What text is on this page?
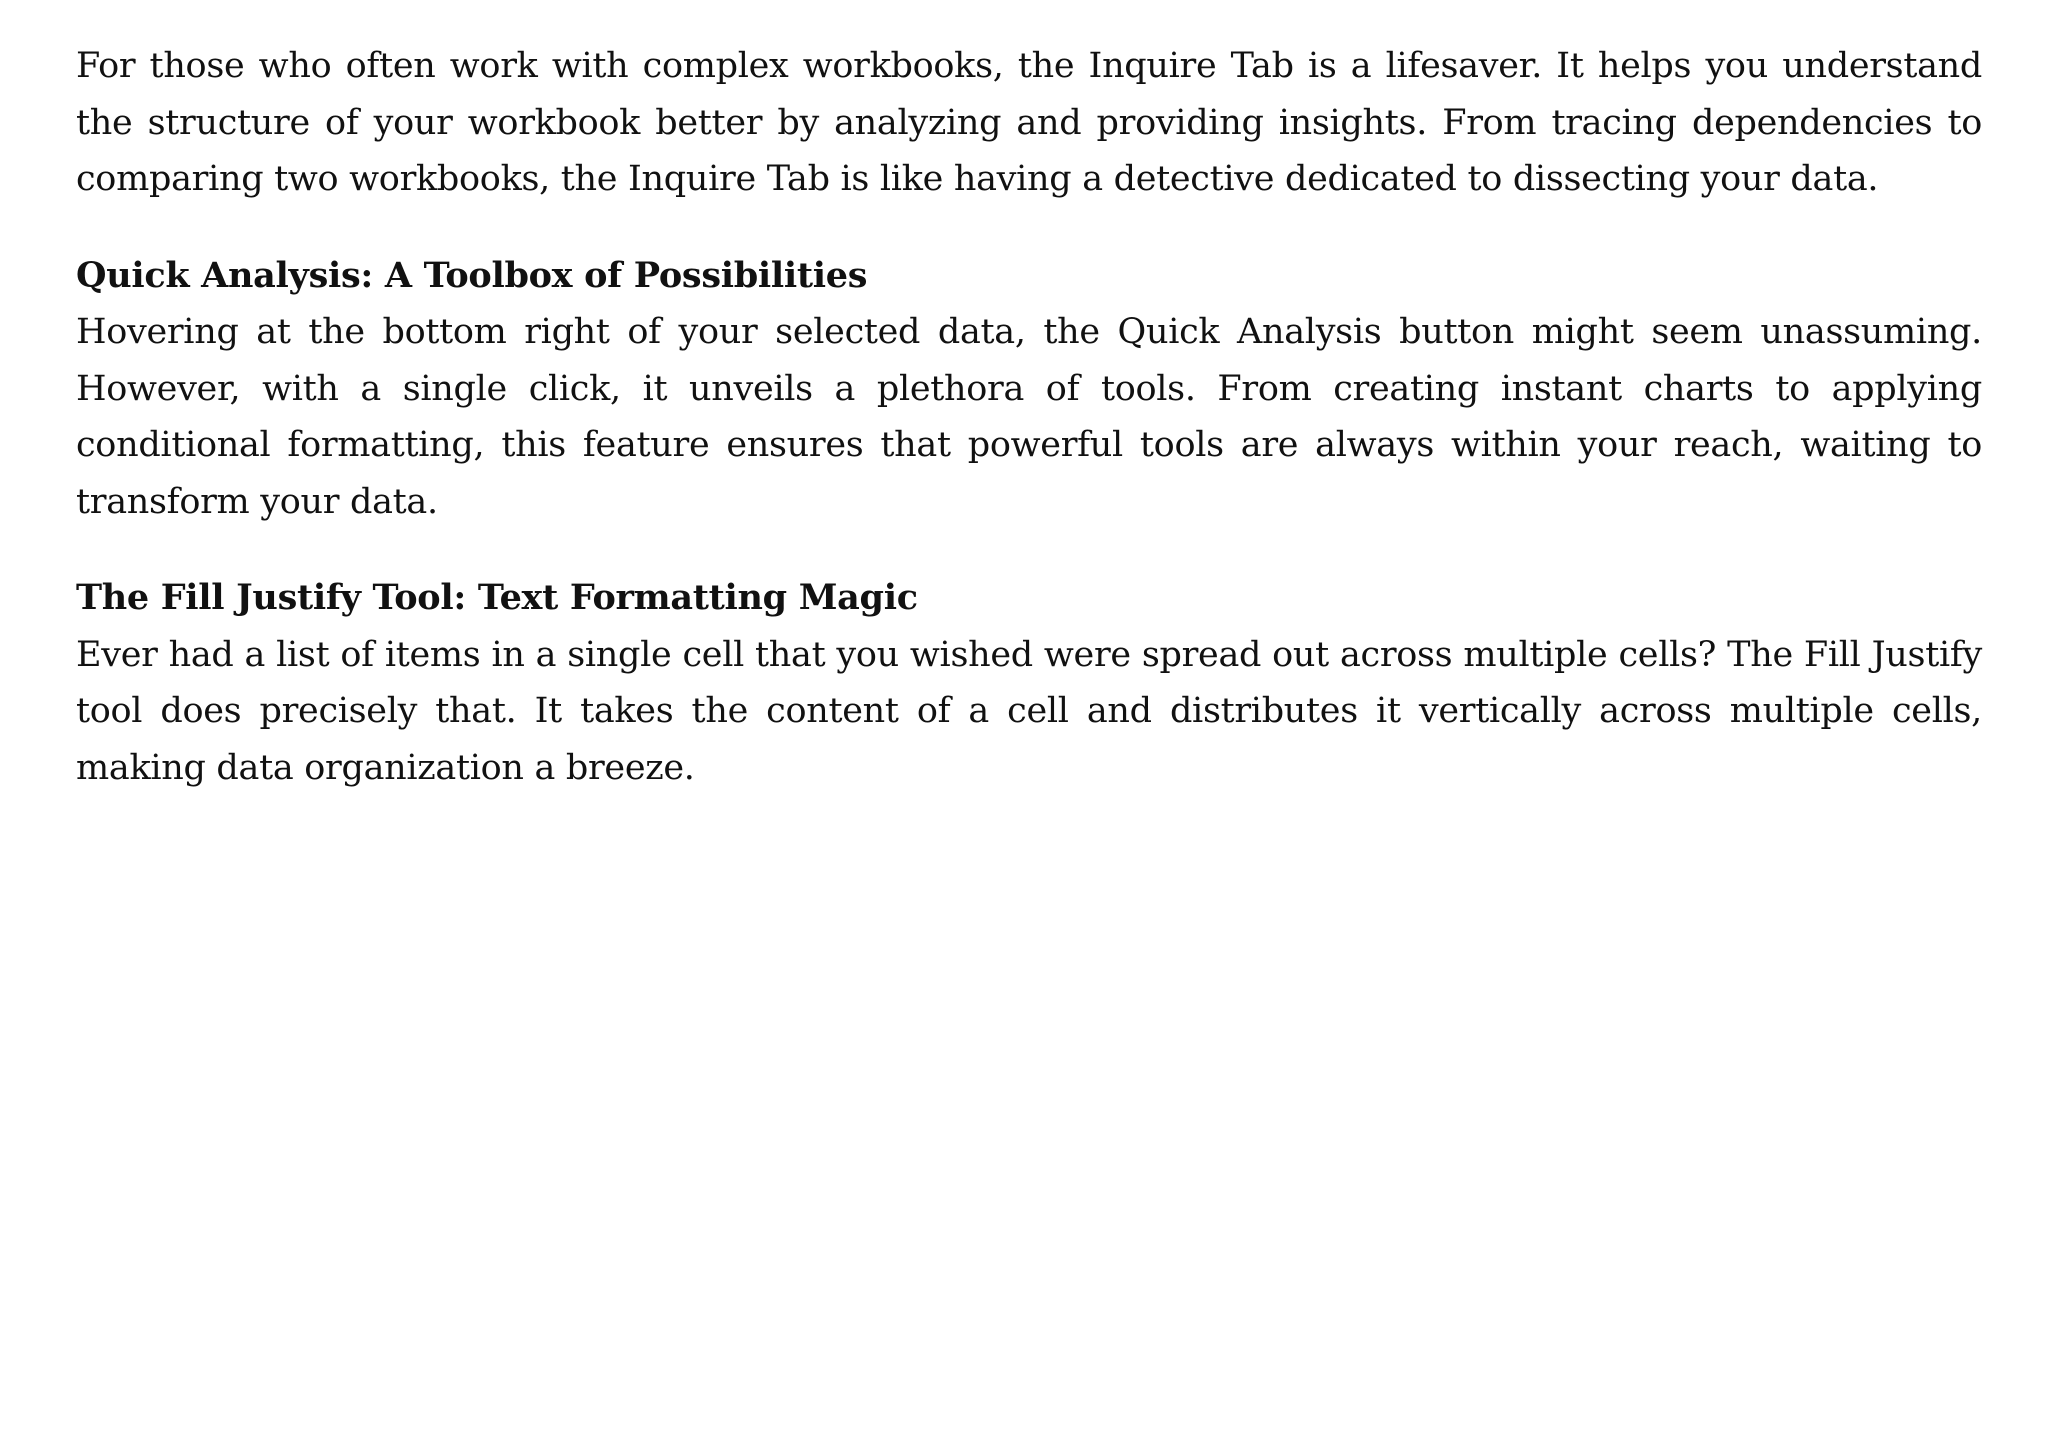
For those who often work with complex workbooks, the Inquire Tab is a lifesaver. It helps you understand the structure of your workbook better by analyzing and providing insights. From tracing dependencies to comparing two workbooks, the Inquire Tab is like having a detective dedicated to dissecting your data.

Quick Analysis: A Toolbox of Possibilities

Hovering at the bottom right of your selected data, the Quick Analysis button might seem unassuming. However, with a single click, it unveils a plethora of tools. From creating instant charts to applying conditional formatting, this feature ensures that powerful tools are always within your reach, waiting to transform your data.

The Fill Justify Tool: Text Formatting Magic

Ever had a list of items in a single cell that you wished were spread out across multiple cells? The Fill Justify tool does precisely that. It takes the content of a cell and distributes it vertically across multiple cells, making data organization a breeze.
